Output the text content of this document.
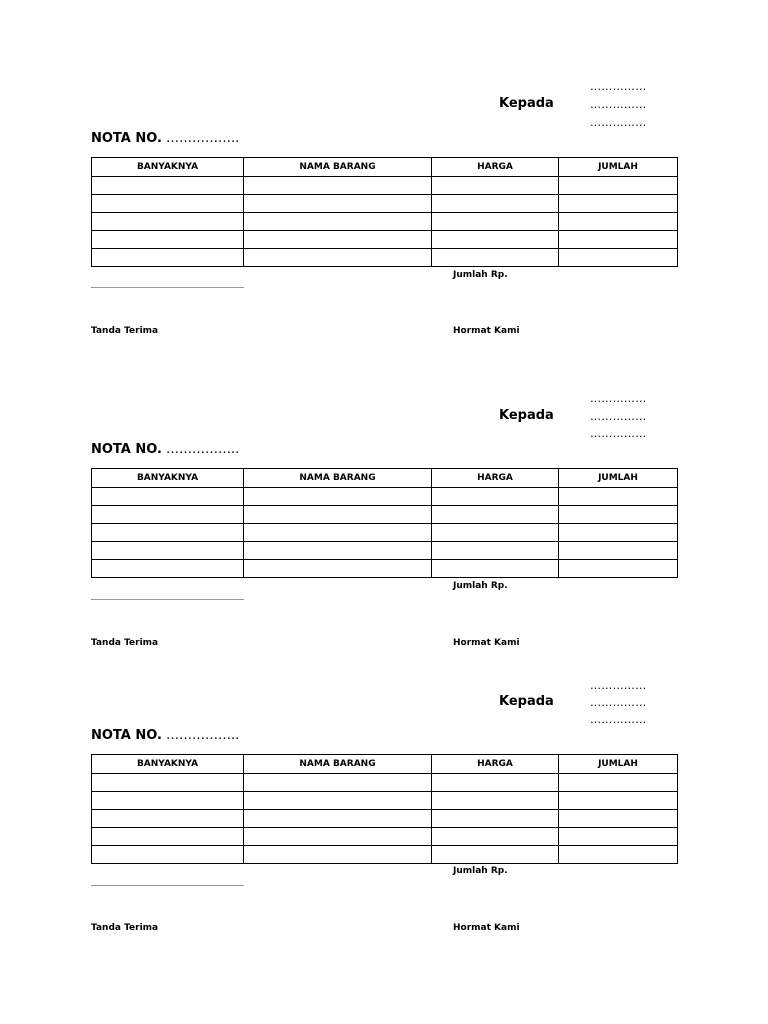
……………
Kepada	……………
……………
NOTA NO. ……………..
BANYAKNYA	NAMA BARANG	HARGA	JUMLAH

Jumlah Rp.
Tanda Terima	Hormat Kami
……………
Kepada	……………
……………
NOTA NO. ……………..
BANYAKNYA	NAMA BARANG	HARGA	JUMLAH

Jumlah Rp.
Tanda Terima	Hormat Kami
……………
Kepada	……………
……………
NOTA NO. ……………..
BANYAKNYA	NAMA BARANG	HARGA	JUMLAH

Jumlah Rp.
Tanda Terima	Hormat Kami
